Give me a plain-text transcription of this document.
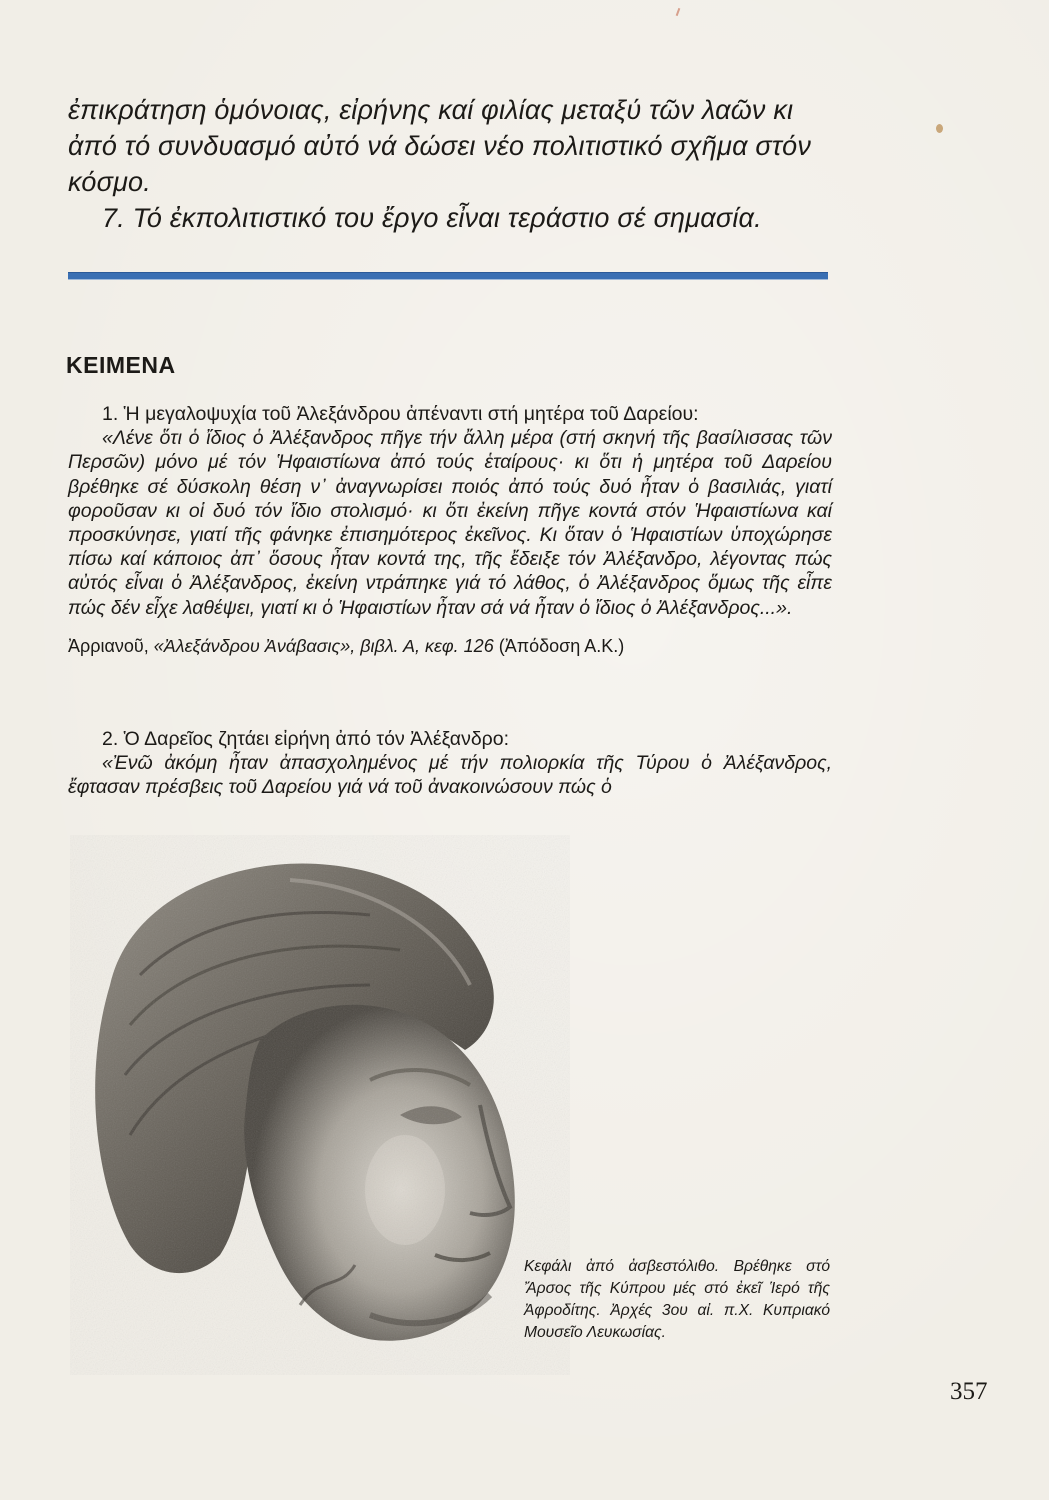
ἐπικράτηση ὁμόνοιας, εἰρήνης καί φιλίας μεταξύ τῶν λαῶν κι

ἀπό τό συνδυασμό αὐτό νά δώσει νέο πολιτιστικό σχῆμα στόν

κόσμο.

7. Τό ἐκπολιτιστικό του ἔργο εἶναι τεράστιο σέ σημασία.

ΚΕΙΜΕΝΑ

1. Ἡ μεγαλοψυχία τοῦ Ἀλεξάνδρου ἀπέναντι στή μητέρα τοῦ Δαρείου:

«Λένε ὅτι ὁ ἴδιος ὁ Ἀλέξανδρος πῆγε τήν ἄλλη μέρα (στή σκηνή τῆς βασίλισσας τῶν Περσῶν) μόνο μέ τόν Ἡφαιστίωνα ἀπό τούς ἑταίρους· κι ὅτι ἡ μητέρα τοῦ Δαρείου βρέθηκε σέ δύσκολη θέση ν᾽ ἀναγνωρίσει ποιός ἀπό τούς δυό ἦταν ὁ βασιλιάς, γιατί φοροῦσαν κι οἱ δυό τόν ἴδιο στολισμό· κι ὅτι ἐκείνη πῆγε κοντά στόν Ἡφαιστίωνα καί προσκύνησε, γιατί τῆς φάνηκε ἐπισημότερος ἐκεῖνος. Κι ὅταν ὁ Ἡφαιστίων ὑποχώρησε πίσω καί κάποιος ἀπ᾽ ὅσους ἦταν κοντά της, τῆς ἔδειξε τόν Ἀλέξανδρο, λέγοντας πώς αὐτός εἶναι ὁ Ἀλέξανδρος, ἐκείνη ντράπηκε γιά τό λάθος, ὁ Ἀλέξανδρος ὅμως τῆς εἶπε πώς δέν εἶχε λαθέψει, γιατί κι ὁ Ἡφαιστίων ἦταν σά νά ἦταν ὁ ἴδιος ὁ Ἀλέξανδρος...».

Ἀρριανοῦ, «Ἀλεξάνδρου Ἀνάβασις», βιβλ. Α, κεφ. 126 (Ἀπόδοση Α.Κ.)

2. Ὁ Δαρεῖος ζητάει εἰρήνη ἀπό τόν Ἀλέξανδρο:

«Ἐνῶ ἀκόμη ἦταν ἀπασχολημένος μέ τήν πολιορκία τῆς Τύρου ὁ Ἀλέξανδρος, ἔφτασαν πρέσβεις τοῦ Δαρείου γιά νά τοῦ ἀνακοινώσουν πώς ὁ

Κεφάλι ἀπό ἀσβεστόλιθο. Βρέθηκε στό Ἄρσος τῆς Κύπρου μές στό ἐκεῖ Ἱερό τῆς Ἀφροδίτης. Ἀρχές 3ου αἰ. π.Χ. Κυπριακό Μουσεῖο Λευκωσίας.
357
